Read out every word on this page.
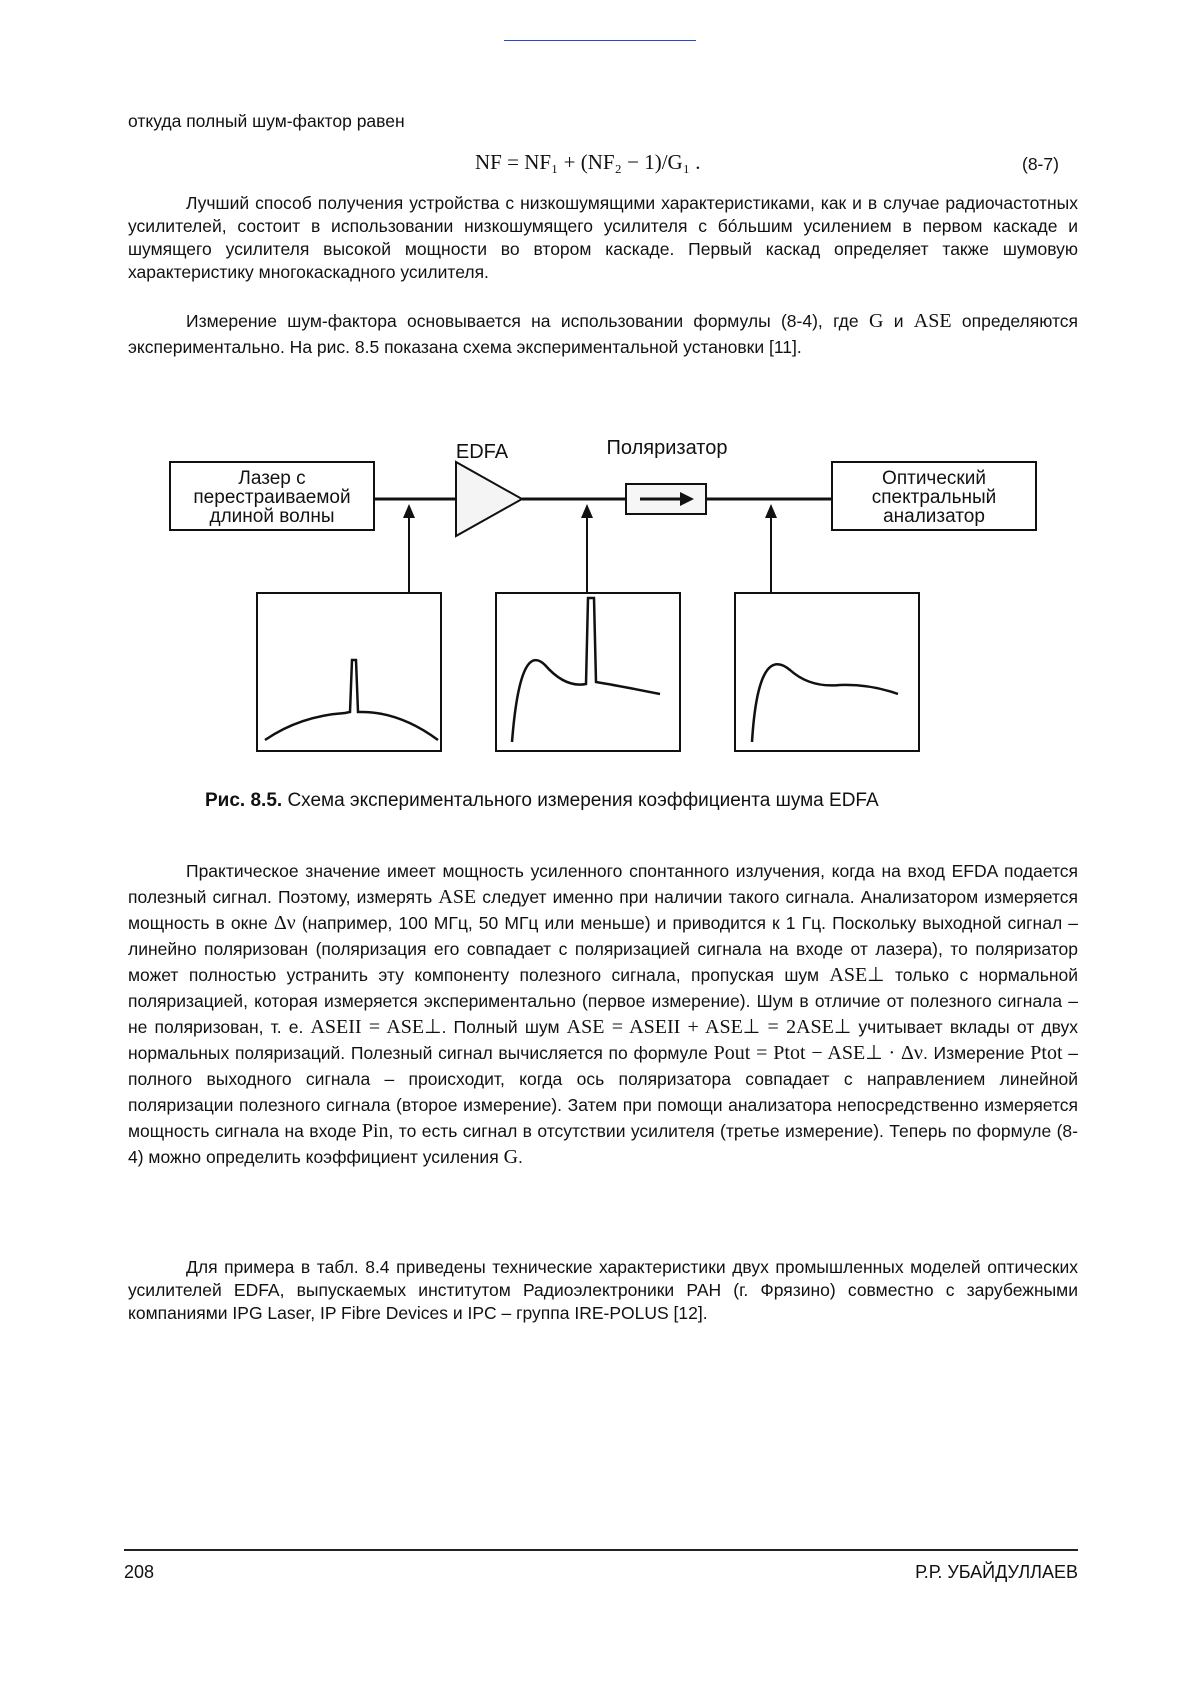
откуда полный шум-фактор равен

NF = NF₁ + (NF₂ − 1)/G₁ .	(8-7)

Лучший способ получения устройства с низкошумящими характеристиками, как и в случае радиочастотных усилителей, состоит в использовании низкошумящего усилителя с бóльшим усилением в первом каскаде и шумящего усилителя высокой мощности во втором каскаде. Первый каскад определяет также шумовую характеристику многокаскадного усилителя.

Измерение шум-фактора основывается на использовании формулы (8-4), где G и ASE определяются экспериментально. На рис. 8.5 показана схема экспериментальной установки [11].

EDFA	Поляризатор
Лазер с
перестраиваемой
длиной волны
Оптический
спектральный
анализатор
Рис. 8.5. Схема экспериментального измерения коэффициента шума EDFA

Практическое значение имеет мощность усиленного спонтанного излучения, когда на вход EFDA подается полезный сигнал. Поэтому, измерять ASE следует именно при наличии такого сигнала. Анализатором измеряется мощность в окне Δν (например, 100 МГц, 50 МГц или меньше) и приводится к 1 Гц. Поскольку выходной сигнал – линейно поляризован (поляризация его совпадает с поляризацией сигнала на входе от лазера), то поляризатор может полностью устранить эту компоненту полезного сигнала, пропуская шум ASE⊥ только с нормальной поляризацией, которая измеряется экспериментально (первое измерение). Шум в отличие от полезного сигнала – не поляризован, т. е. ASEII = ASE⊥. Полный шум ASE = ASEII + ASE⊥ = 2ASE⊥ учитывает вклады от двух нормальных поляризаций. Полезный сигнал вычисляется по формуле Pout = Ptot − ASE⊥ · Δν. Измерение Ptot – полного выходного сигнала – происходит, когда ось поляризатора совпадает с направлением линейной поляризации полезного сигнала (второе измерение). Затем при помощи анализатора непосредственно измеряется мощность сигнала на входе Pin, то есть сигнал в отсутствии усилителя (третье измерение). Теперь по формуле (8-4) можно определить коэффициент усиления G.

Для примера в табл. 8.4 приведены технические характеристики двух промышленных моделей оптических усилителей EDFA, выпускаемых институтом Радиоэлектроники РАН (г. Фрязино) совместно с зарубежными компаниями IPG Laser, IP Fibre Devices и IPC – группа IRE-POLUS [12].

208	Р.Р. УБАЙДУЛЛАЕВ
